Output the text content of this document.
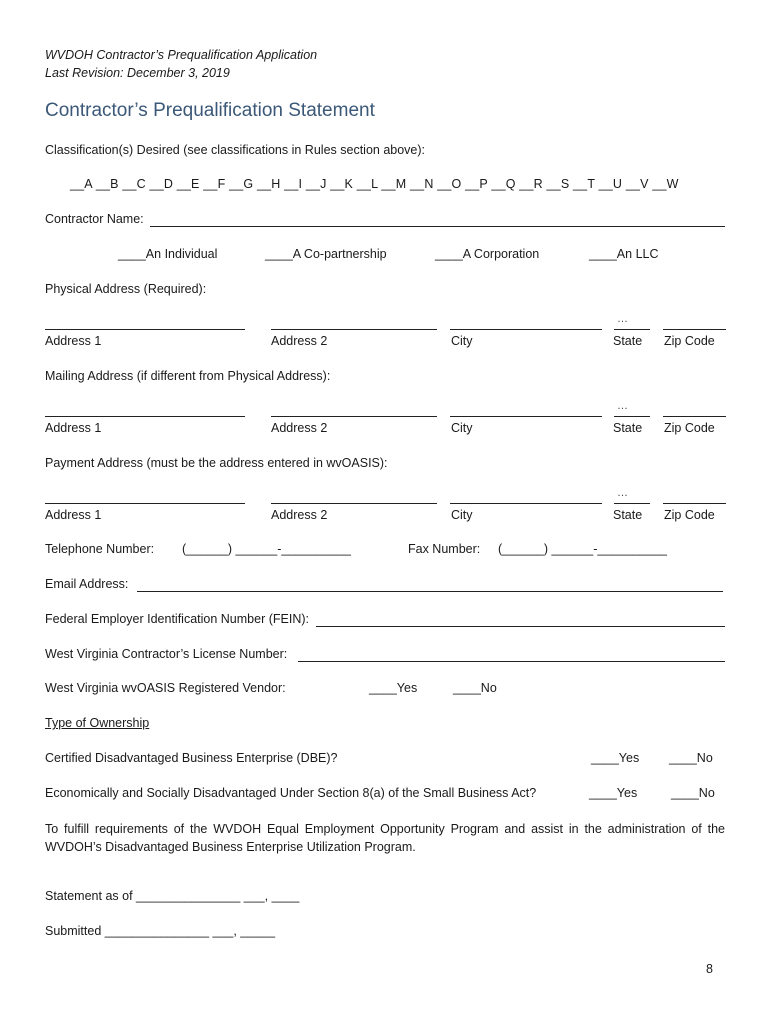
WVDOH Contractor’s Prequalification Application
Last Revision: December 3, 2019
Contractor’s Prequalification Statement
Classification(s) Desired (see classifications in Rules section above):
__A __B __C __D __E __F __G __H __I __J __K __L __M __N __O __P __Q __R __S __T __U __V __W
Contractor Name:
____An Individual	____A Co-partnership	____A Corporation	____An LLC
Physical Address (Required):
…
Address 1	Address 2	City	State Zip Code
Mailing Address (if different from Physical Address):
…
Address 1	Address 2	City	State Zip Code
Payment Address (must be the address entered in wvOASIS):
…
Address 1	Address 2	City	State Zip Code
Telephone Number: (______) ______-__________	Fax Number: (______) ______-__________
Email Address:
Federal Employer Identification Number (FEIN):
West Virginia Contractor’s License Number:
West Virginia wvOASIS Registered Vendor:	____Yes	____No
Type of Ownership
Certified Disadvantaged Business Enterprise (DBE)?	____Yes ____No
Economically and Socially Disadvantaged Under Section 8(a) of the Small Business Act?	____Yes	____No
To fulfill requirements of the WVDOH Equal Employment Opportunity Program and assist in the administration of the WVDOH’s Disadvantaged Business Enterprise Utilization Program.
Statement as of _______________ ___, ____
Submitted _______________ ___, _____
8
